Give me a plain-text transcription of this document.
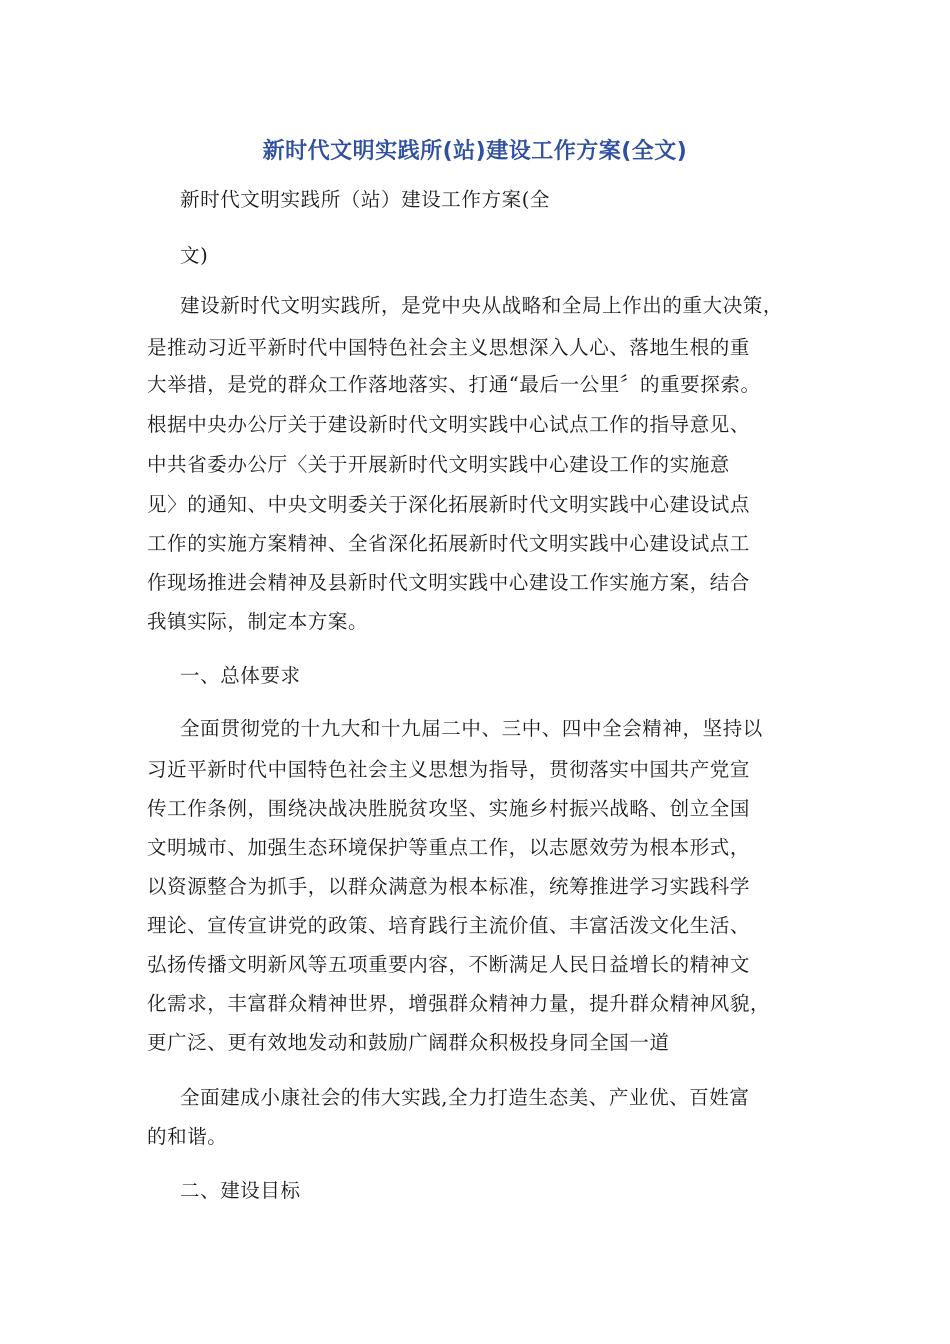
新时代文明实践所(站)建设工作方案(全文)
新时代文明实践所（站）建设工作方案(全
文)
建设新时代文明实践所，是党中央从战略和全局上作出的重大决策，
是推动习近平新时代中国特色社会主义思想深入人心、落地生根的重
大举措，是党的群众工作落地落实、打通“最后一公里〞的重要探索。
根据中央办公厅关于建设新时代文明实践中心试点工作的指导意见、
中共省委办公厅〈关于开展新时代文明实践中心建设工作的实施意
见〉的通知、中央文明委关于深化拓展新时代文明实践中心建设试点
工作的实施方案精神、全省深化拓展新时代文明实践中心建设试点工
作现场推进会精神及县新时代文明实践中心建设工作实施方案，结合
我镇实际，制定本方案。
一、总体要求
全面贯彻党的十九大和十九届二中、三中、四中全会精神，坚持以
习近平新时代中国特色社会主义思想为指导，贯彻落实中国共产党宣
传工作条例，围绕决战决胜脱贫攻坚、实施乡村振兴战略、创立全国
文明城市、加强生态环境保护等重点工作，以志愿效劳为根本形式，
以资源整合为抓手，以群众满意为根本标准，统筹推进学习实践科学
理论、宣传宣讲党的政策、培育践行主流价值、丰富活泼文化生活、
弘扬传播文明新风等五项重要内容，不断满足人民日益增长的精神文
化需求，丰富群众精神世界，增强群众精神力量，提升群众精神风貌，
更广泛、更有效地发动和鼓励广阔群众积极投身同全国一道
全面建成小康社会的伟大实践,全力打造生态美、产业优、百姓富
的和谐。
二、建设目标
